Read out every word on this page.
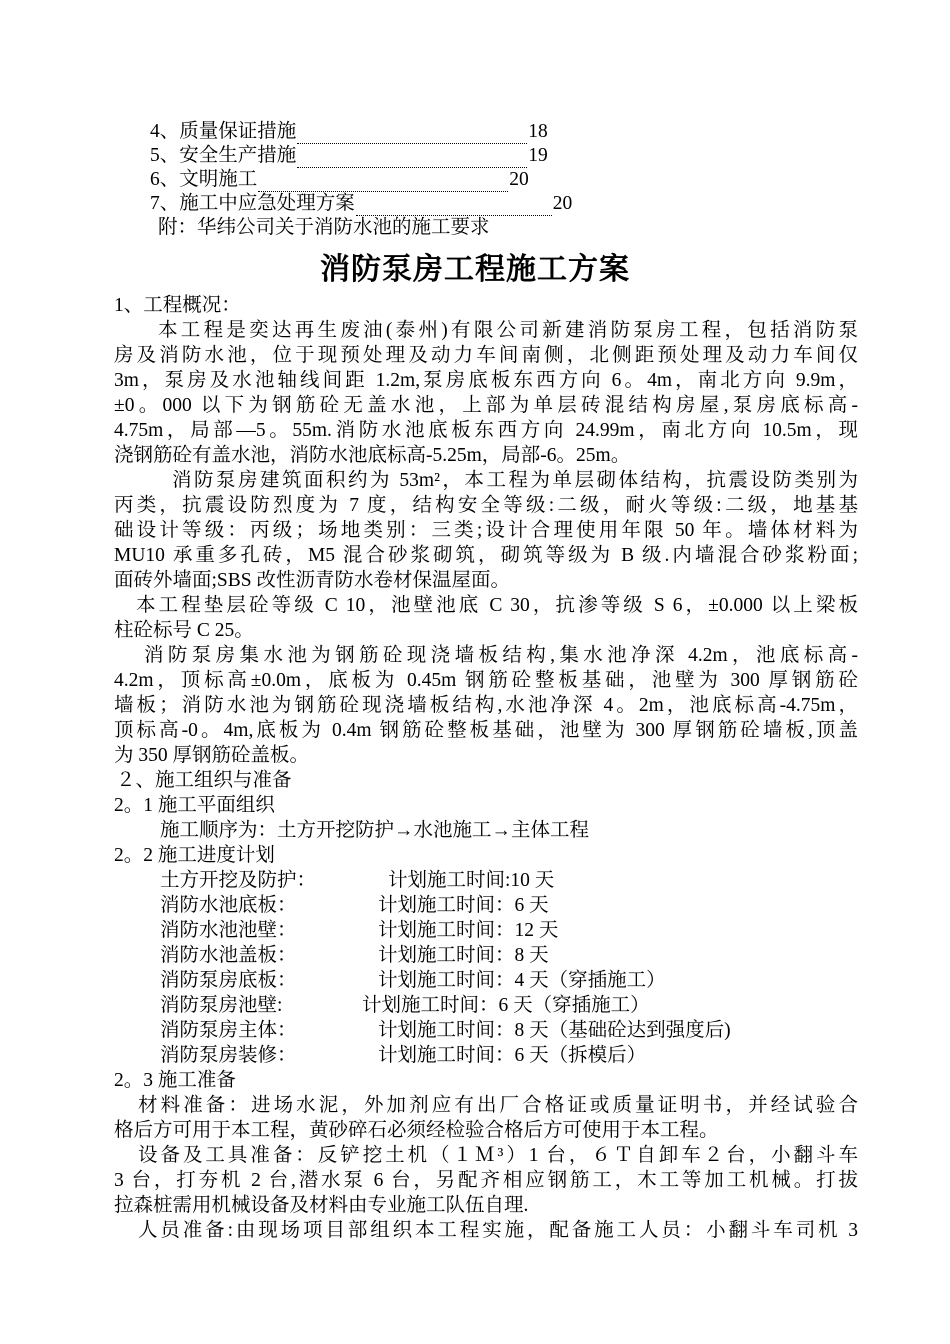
4、质量保证措施	18
5、安全生产措施	19
6、文明施工	20
7、施工中应急处理方案	20
附：华纬公司关于消防水池的施工要求
消防泵房工程施工方案
1、工程概况：
本工程是奕达再生废油(泰州)有限公司新建消防泵房工程，包括消防泵
房及消防水池，位于现预处理及动力车间南侧，北侧距预处理及动力车间仅
3m，泵房及水池轴线间距 1.2m,泵房底板东西方向 6。4m，南北方向 9.9m，
±0。000 以下为钢筋砼无盖水池，上部为单层砖混结构房屋,泵房底标高-
4.75m，局部—5。55m.消防水池底板东西方向 24.99m，南北方向 10.5m，现
浇钢筋砼有盖水池，消防水池底标高-5.25m，局部-6。25m。
消防泵房建筑面积约为 53m²，本工程为单层砌体结构，抗震设防类别为
丙类，抗震设防烈度为 7 度，结构安全等级:二级，耐火等级:二级，地基基
础设计等级：丙级；场地类别：三类;设计合理使用年限 50 年。墙体材料为
MU10 承重多孔砖，M5 混合砂浆砌筑，砌筑等级为 B 级.内墙混合砂浆粉面;
面砖外墙面;SBS 改性沥青防水卷材保温屋面。
本工程垫层砼等级 C 10，池壁池底 C 30，抗渗等级 S 6，±0.000 以上梁板
柱砼标号 C 25。
消防泵房集水池为钢筋砼现浇墙板结构,集水池净深 4.2m，池底标高-
4.2m，顶标高±0.0m，底板为 0.45m 钢筋砼整板基础，池壁为 300 厚钢筋砼
墙板；消防水池为钢筋砼现浇墙板结构,水池净深 4。2m，池底标高-4.75m，
顶标高-0。4m,底板为 0.4m 钢筋砼整板基础，池壁为 300 厚钢筋砼墙板,顶盖
为 350 厚钢筋砼盖板。
２、施工组织与准备
2。1 施工平面组织
施工顺序为：土方开挖防护→水池施工→主体工程
2。2 施工进度计划
土方开挖及防护：	计划施工时间:10 天
消防水池底板：	计划施工时间：6 天
消防水池池壁：	计划施工时间：12 天
消防水池盖板：	计划施工时间：8 天
消防泵房底板：	计划施工时间：4 天（穿插施工）
消防泵房池壁:	计划施工时间：6 天（穿插施工）
消防泵房主体：	计划施工时间：8 天（基础砼达到强度后)
消防泵房装修：	计划施工时间：6 天（拆模后）
2。3 施工准备
材料准备：进场水泥，外加剂应有出厂合格证或质量证明书，并经试验合
格后方可用于本工程，黄砂碎石必须经检验合格后方可使用于本工程。
设备及工具准备：反铲挖土机（１Ｍ³）1 台，６Ｔ自卸车２台，小翻斗车
3 台，打夯机 2 台,潜水泵 6 台，另配齐相应钢筋工，木工等加工机械。打拔
拉森桩需用机械设备及材料由专业施工队伍自理.
人员准备:由现场项目部组织本工程实施，配备施工人员：小翻斗车司机 3
